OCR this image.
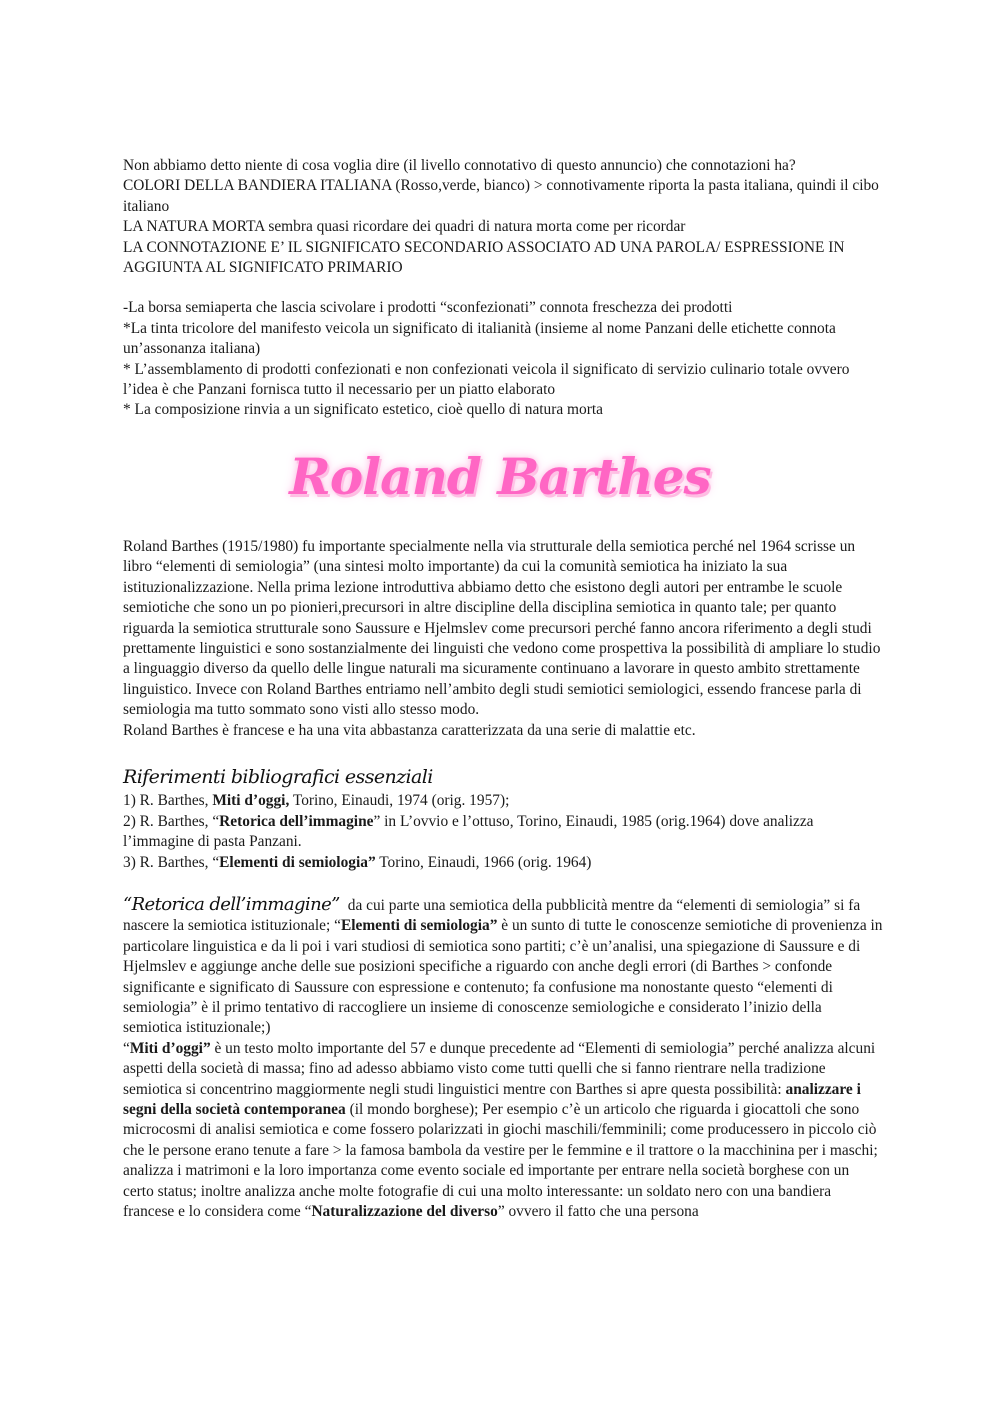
Non abbiamo detto niente di cosa voglia dire (il livello connotativo di questo annuncio) che connotazioni ha?

COLORI DELLA BANDIERA ITALIANA (Rosso,verde, bianco) > connotivamente riporta la pasta italiana, quindi il cibo italiano

LA NATURA MORTA sembra quasi ricordare dei quadri di natura morta come per ricordar

LA CONNOTAZIONE E’ IL SIGNIFICATO SECONDARIO ASSOCIATO AD UNA PAROLA/ ESPRESSIONE IN AGGIUNTA AL SIGNIFICATO PRIMARIO

-La borsa semiaperta che lascia scivolare i prodotti “sconfezionati” connota freschezza dei prodotti

*La tinta tricolore del manifesto veicola un significato di italianità (insieme al nome Panzani delle etichette connota un’assonanza italiana)

* L’assemblamento di prodotti confezionati e non confezionati veicola il significato di servizio culinario totale ovvero l’idea è che Panzani fornisca tutto il necessario per un piatto elaborato

* La composizione rinvia a un significato estetico, cioè quello di natura morta

Roland Barthes

Roland Barthes (1915/1980) fu importante specialmente nella via strutturale della semiotica perché nel 1964 scrisse un libro “elementi di semiologia” (una sintesi molto importante) da cui la comunità semiotica ha iniziato la sua istituzionalizzazione. Nella prima lezione introduttiva abbiamo detto che esistono degli autori per entrambe le scuole semiotiche che sono un po pionieri,precursori in altre discipline della disciplina semiotica in quanto tale; per quanto riguarda la semiotica strutturale sono Saussure e Hjelmslev come precursori perché fanno ancora riferimento a degli studi prettamente linguistici e sono sostanzialmente dei linguisti che vedono come prospettiva la possibilità di ampliare lo studio a linguaggio diverso da quello delle lingue naturali ma sicuramente continuano a lavorare in questo ambito strettamente linguistico. Invece con Roland Barthes entriamo nell’ambito degli studi semiotici semiologici, essendo francese parla di semiologia ma tutto sommato sono visti allo stesso modo.

Roland Barthes è francese e ha una vita abbastanza caratterizzata da una serie di malattie etc.

Riferimenti bibliografici essenziali

1) R. Barthes, Miti d’oggi, Torino, Einaudi, 1974 (orig. 1957);

2) R. Barthes, “Retorica dell’immagine” in L’ovvio e l’ottuso, Torino, Einaudi, 1985 (orig.1964) dove analizza l’immagine di pasta Panzani.

3) R. Barthes, “Elementi di semiologia” Torino, Einaudi, 1966 (orig. 1964)

“Retorica dell’immagine” da cui parte una semiotica della pubblicità mentre da “elementi di semiologia” si fa nascere la semiotica istituzionale; “Elementi di semiologia” è un sunto di tutte le conoscenze semiotiche di provenienza in particolare linguistica e da li poi i vari studiosi di semiotica sono partiti; c’è un’analisi, una spiegazione di Saussure e di Hjelmslev e aggiunge anche delle sue posizioni specifiche a riguardo con anche degli errori (di Barthes > confonde significante e significato di Saussure con espressione e contenuto; fa confusione ma nonostante questo “elementi di semiologia” è il primo tentativo di raccogliere un insieme di conoscenze semiologiche e considerato l’inizio della semiotica istituzionale;)

“Miti d’oggi” è un testo molto importante del 57 e dunque precedente ad “Elementi di semiologia” perché analizza alcuni aspetti della società di massa; fino ad adesso abbiamo visto come tutti quelli che si fanno rientrare nella tradizione semiotica si concentrino maggiormente negli studi linguistici mentre con Barthes si apre questa possibilità: analizzare i segni della società contemporanea (il mondo borghese); Per esempio c’è un articolo che riguarda i giocattoli che sono microcosmi di analisi semiotica e come fossero polarizzati in giochi maschili/femminili; come producessero in piccolo ciò che le persone erano tenute a fare > la famosa bambola da vestire per le femmine e il trattore o la macchinina per i maschi; analizza i matrimoni e la loro importanza come evento sociale ed importante per entrare nella società borghese con un certo status; inoltre analizza anche molte fotografie di cui una molto interessante: un soldato nero con una bandiera francese e lo considera come “Naturalizzazione del diverso” ovvero il fatto che una persona
